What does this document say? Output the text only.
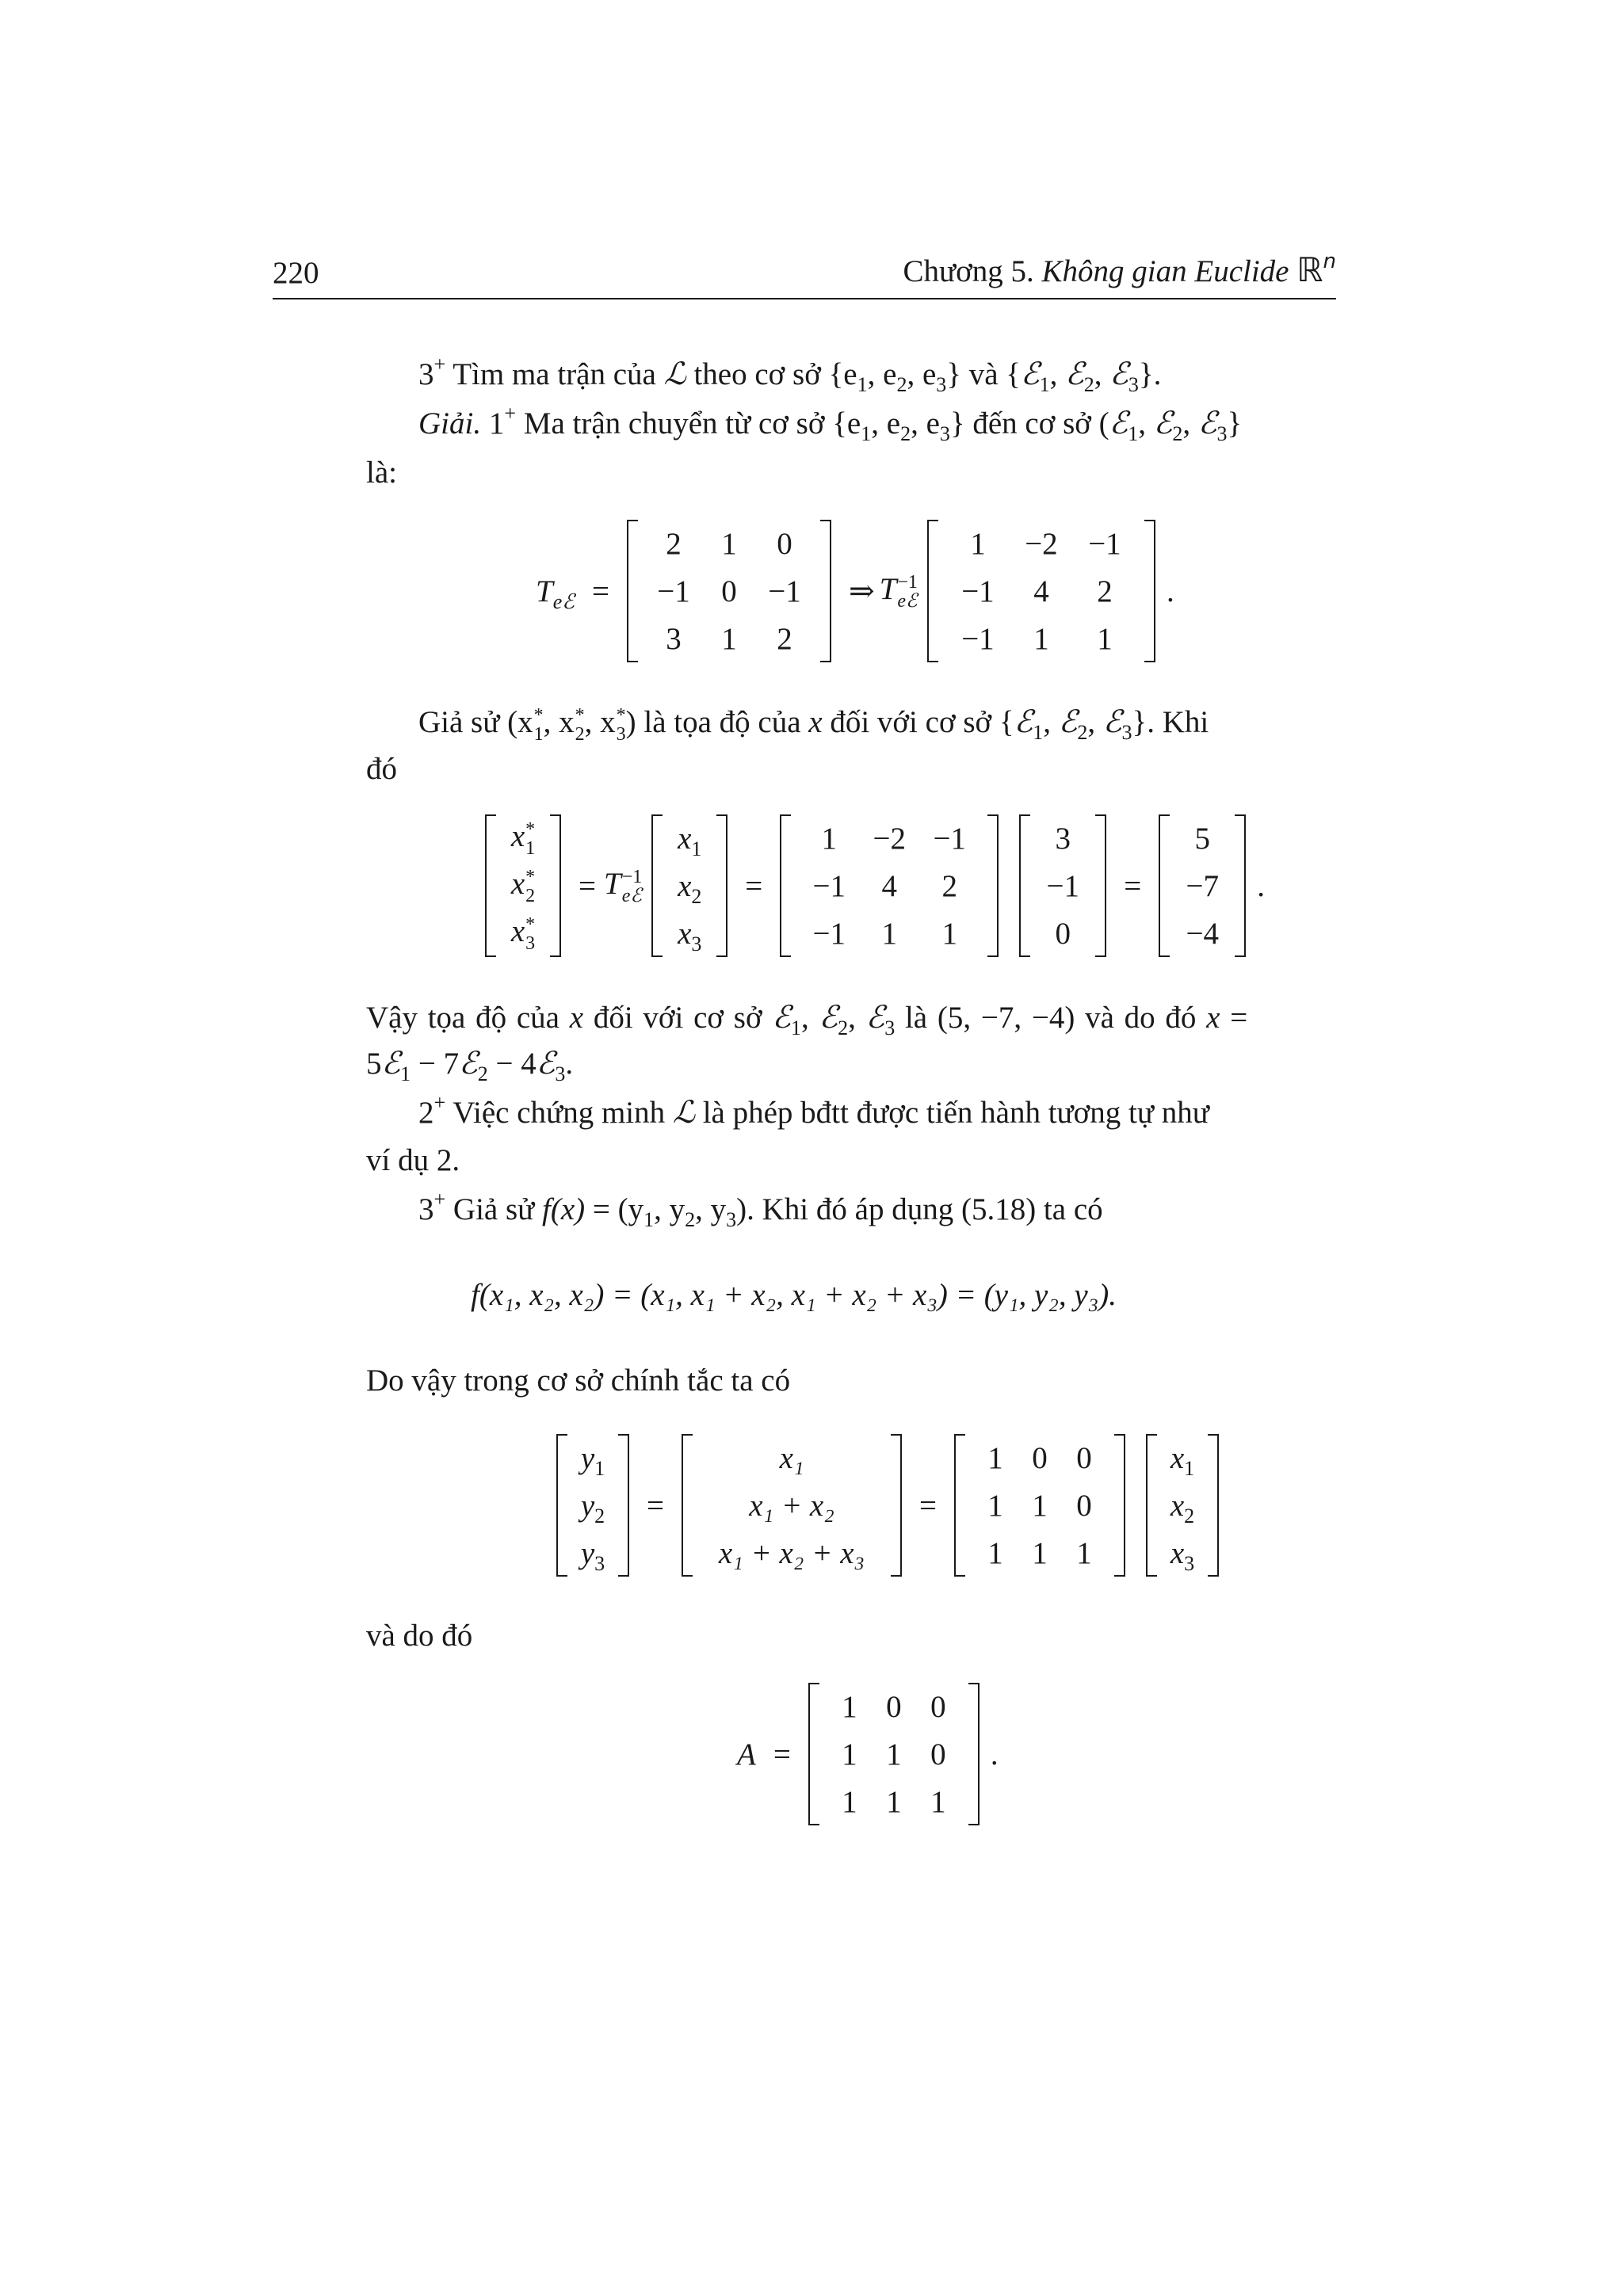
220	Chương 5. Không gian Euclide ℝ$^n$
3+ Tìm ma trận của ℒ theo cơ sở {$e_1$, $e_2$, $e_3$} và {ℰ$_1$, ℰ$_2$, ℰ$_3$}.
Giải. 1+ Ma trận chuyển từ cơ sở {$e_1$, $e_2$, $e_3$} đến cơ sở (ℰ$_1$, ℰ$_2$, ℰ$_3$}
là:
$T_{eℰ}$ =
2	1	0
−1	0	−1
3	1	2
⇒ T −1
eℰ
1	−2 −1
−1	4	2
−1	1	1
.
Giả sử (x *
1 , x *
2 , x *
3 ) là tọa độ của x đối với cơ sở {ℰ$_1$, ℰ$_2$, ℰ$_3$}. Khi
đó
x *
1
x *
2
x *
3
= T −1
eℰ
$x_1$
$x_2$
$x_3$
=
1	−2 −1
−1	4	2
−1	1	1
3
−1
0
=
5
−7
−4
.
Vậy tọa độ của x đối với cơ sở ℰ$_1$, ℰ$_2$, ℰ$_3$ là (5, −7, −4) và do đó x =
5ℰ$_1$ − 7ℰ$_2$ − 4ℰ$_3$.
2+ Việc chứng minh ℒ là phép bđtt được tiến hành tương tự như
ví dụ 2.
3+ Giả sử $f(x) = (y_1$, $y_2$, $y_3$). Khi đó áp dụng (5.18) ta có
f(x₁, x₂, x₂) = (x₁, x₁ + x₂, x₁ + x₂ + x₃) = (y₁, y₂, y₃).
Do vậy trong cơ sở chính tắc ta có
$y_1$
$y_2$
$y_3$
=
x₁
x₁ + x₂
x₁ + x₂ + x₃
=
1 0 0
1 1 0
1 1 1
$x_1$
$x_2$
$x_3$
và do đó
A =
1 0 0
1 1 0
1 1 1
.
